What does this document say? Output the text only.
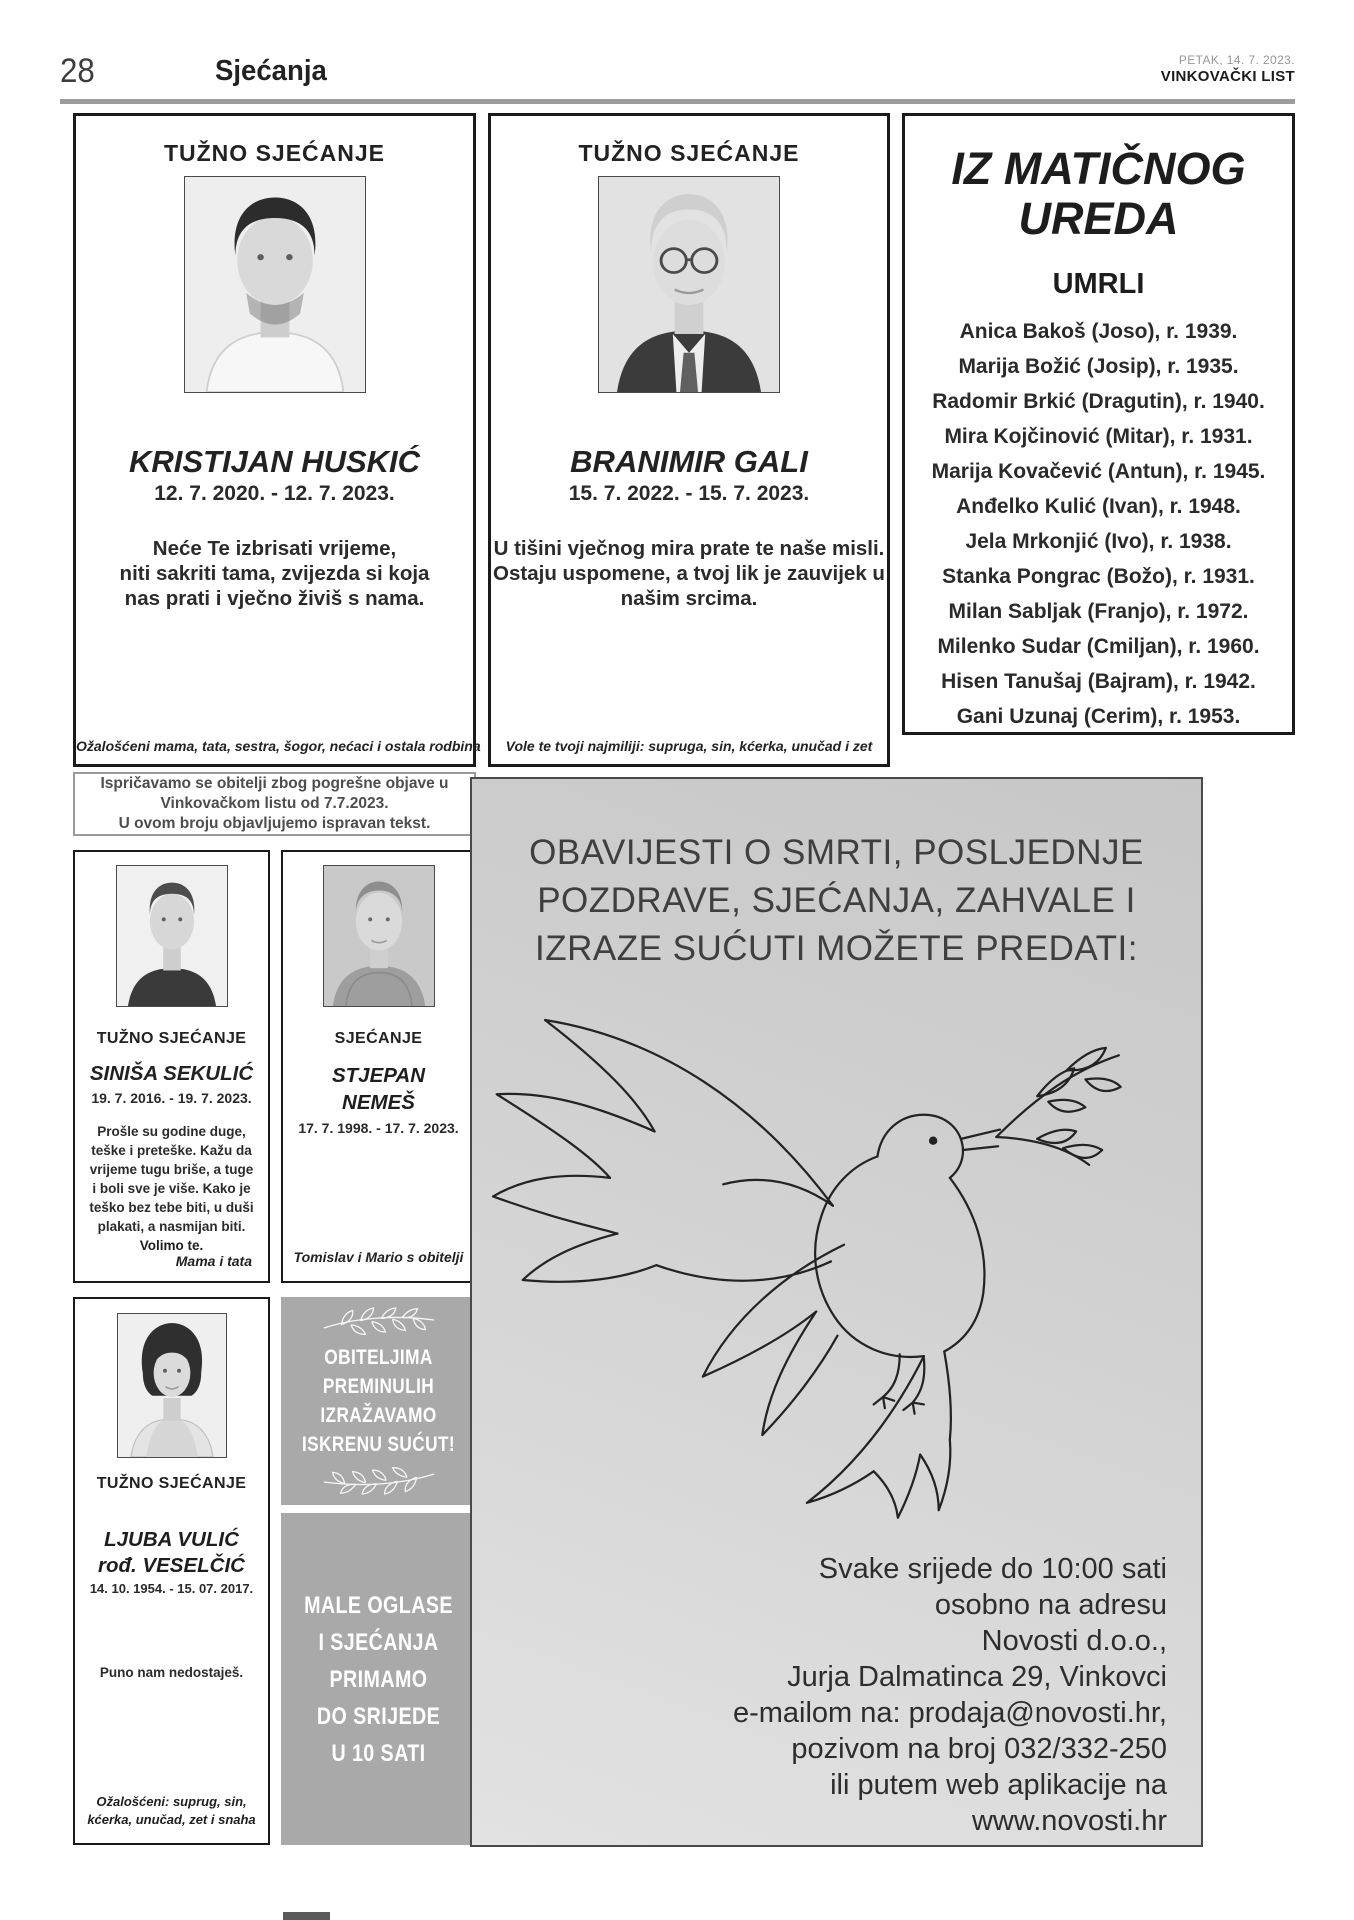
28	Sjećanja	PETAK, 14. 7. 2023.
VINKOVAČKI LIST
TUŽNO SJEĆANJE
KRISTIJAN HUSKIĆ
12. 7. 2020. - 12. 7. 2023.
Neće Te izbrisati vrijeme,
niti sakriti tama, zvijezda si koja
nas prati i vječno živiš s nama.
Ožalošćeni mama, tata, sestra, šogor, nećaci i ostala rodbina
TUŽNO SJEĆANJE
BRANIMIR GALI
15. 7. 2022. - 15. 7. 2023.
U tišini vječnog mira prate te naše misli.
Ostaju uspomene, a tvoj lik je zauvijek u
našim srcima.
Vole te tvoji najmiliji: supruga, sin, kćerka, unučad i zet
IZ MATIČNOG UREDA
UMRLI
Anica Bakoš (Joso), r. 1939.
Marija Božić (Josip), r. 1935.
Radomir Brkić (Dragutin), r. 1940.
Mira Kojčinović (Mitar), r. 1931.
Marija Kovačević (Antun), r. 1945.
Anđelko Kulić (Ivan), r. 1948.
Jela Mrkonjić (Ivo), r. 1938.
Stanka Pongrac (Božo), r. 1931.
Milan Sabljak (Franjo), r. 1972.
Milenko Sudar (Cmiljan), r. 1960.
Hisen Tanušaj (Bajram), r. 1942.
Gani Uzunaj (Cerim), r. 1953.
Ispričavamo se obitelji zbog pogrešne objave u
Vinkovačkom listu od 7.7.2023.
U ovom broju objavljujemo ispravan tekst.
TUŽNO SJEĆANJE
SINIŠA SEKULIĆ
19. 7. 2016. - 19. 7. 2023.
Prošle su godine duge,
teške i preteške. Kažu da
vrijeme tugu briše, a tuge
i boli sve je više. Kako je
teško bez tebe biti, u duši
plakati, a nasmijan biti.
Volimo te.
Mama i tata
SJEĆANJE
STJEPAN
NEMEŠ
17. 7. 1998. - 17. 7. 2023.
Tomislav i Mario s obitelji
TUŽNO SJEĆANJE
LJUBA VULIĆ
rođ. VESELČIĆ
14. 10. 1954. - 15. 07. 2017.
Puno nam nedostaješ.
Ožalošćeni: suprug, sin,
kćerka, unučad, zet i snaha
OBITELJIMA
PREMINULIH
IZRAŽAVAMO
ISKRENU SUĆUT!
MALE OGLASE
I SJEĆANJA
PRIMAMO
DO SRIJEDE
U 10 SATI
OBAVIJESTI O SMRTI, POSLJEDNJE
POZDRAVE, SJEĆANJA, ZAHVALE I
IZRAZE SUĆUTI MOŽETE PREDATI:
Svake srijede do 10:00 sati
osobno na adresu
Novosti d.o.o.,
Jurja Dalmatinca 29, Vinkovci
e-mailom na: prodaja@novosti.hr,
pozivom na broj 032/332-250
ili putem web aplikacije na
www.novosti.hr
